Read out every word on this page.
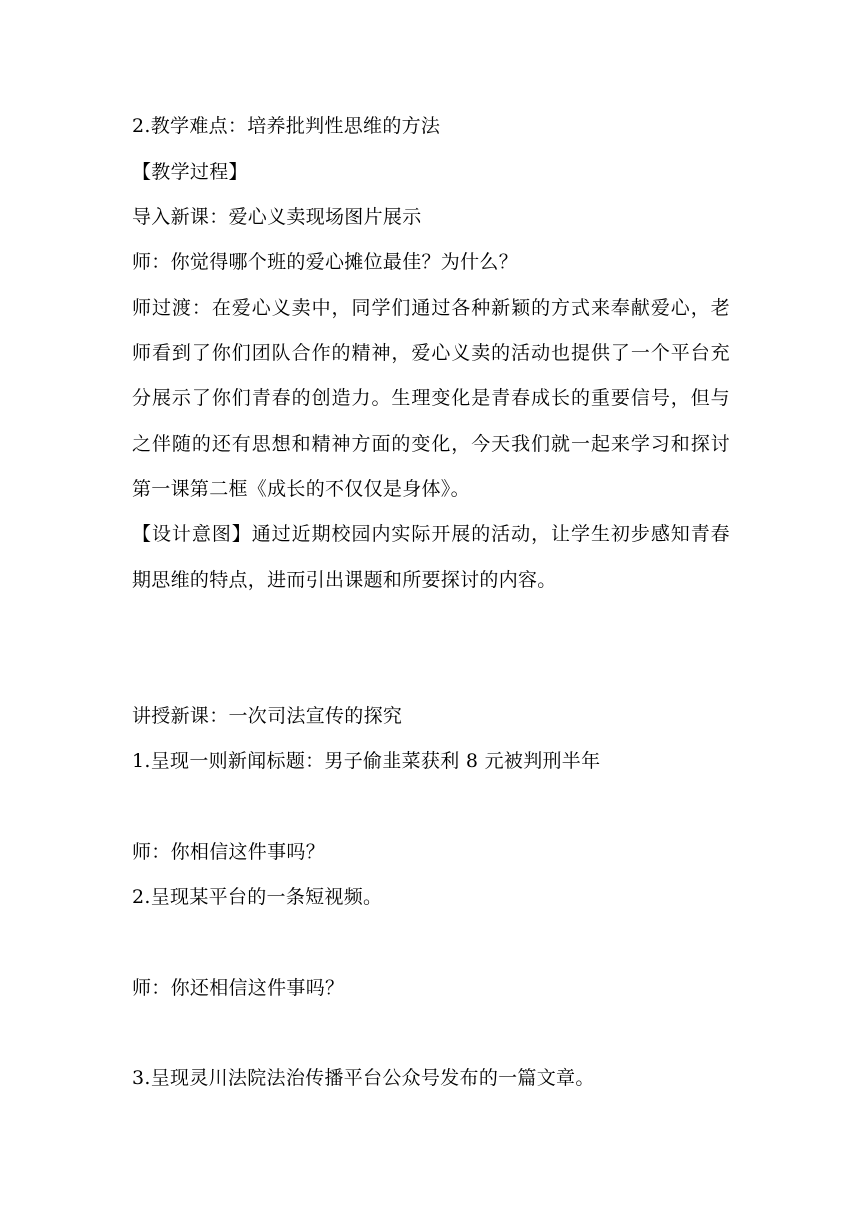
2.教学难点：培养批判性思维的方法
【教学过程】
导入新课：爱心义卖现场图片展示
师：你觉得哪个班的爱心摊位最佳？为什么？
师过渡：在爱心义卖中，同学们通过各种新颖的方式来奉献爱心，老
师看到了你们团队合作的精神，爱心义卖的活动也提供了一个平台充
分展示了你们青春的创造力。生理变化是青春成长的重要信号，但与
之伴随的还有思想和精神方面的变化，今天我们就一起来学习和探讨
第一课第二框《成长的不仅仅是身体》。
【设计意图】通过近期校园内实际开展的活动，让学生初步感知青春
期思维的特点，进而引出课题和所要探讨的内容。
讲授新课：一次司法宣传的探究
1.呈现一则新闻标题：男子偷韭菜获利 8 元被判刑半年
师：你相信这件事吗？
2.呈现某平台的一条短视频。
师：你还相信这件事吗？
3.呈现灵川法院法治传播平台公众号发布的一篇文章。
